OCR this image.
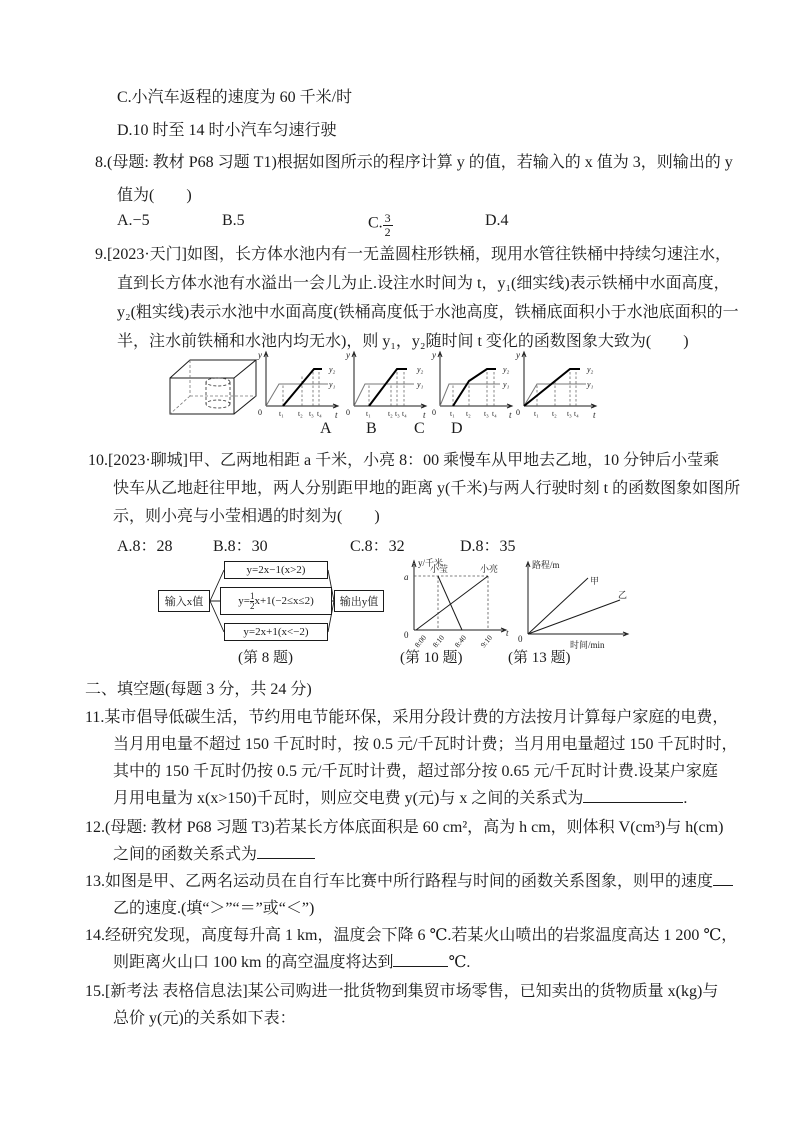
C.小汽车返程的速度为 60 千米/时
D.10 时至 14 时小汽车匀速行驶
8.(母题: 教材 P68 习题 T1)根据如图所示的程序计算 y 的值，若输入的 x 值为 3，则输出的 y
值为(　　)
A.−5	B.5	C. $\frac{3}{2}$	D.4
9.[2023·天门]如图，长方体水池内有一无盖圆柱形铁桶，现用水管往铁桶中持续匀速注水，
直到长方体水池有水溢出一会儿为止.设注水时间为 t，y₁(细实线)表示铁桶中水面高度，
y₂(粗实线)表示水池中水面高度(铁桶高度低于水池高度，铁桶底面积小于水池底面积的一
半，注水前铁桶和水池内均无水)，则 y₁，y₂随时间 t 变化的函数图象大致为(　　)
y
0	t
t₁ t₂ t₃ t₄
y₂
y₁
y
0	t
t₁ t₂ t₃ t₄
y₂
y₁
y
0	t
t₁ t₂ t₃ t₄
y₂
y₁
y
0	t
t₁ t₂ t₃ t₄
y₂
y₁
A B C D
10.[2023·聊城]甲、乙两地相距 a 千米，小亮 8：00 乘慢车从甲地去乙地，10 分钟后小莹乘
快车从乙地赶往甲地，两人分别距甲地的距离 y(千米)与两人行驶时刻 t 的函数图象如图所
示，则小亮与小莹相遇的时刻为(　　)
A.8：28	B.8：30	C.8：32	D.8：35
输入x值
y=2x−1(x>2)
$y= \frac{1}{2} x+1(-2\le x\le 2)$
y=2x+1(x<−2)
输出y值
y/千米
a
小莹	小亮
0	t
8:00 8:10 8:40 9:10
路程/m
甲
乙
0
时间/min
(第 8 题)	(第 10 题)	(第 13 题)
二、填空题(每题 3 分，共 24 分)
11.某市倡导低碳生活，节约用电节能环保，采用分段计费的方法按月计算每户家庭的电费，
当月用电量不超过 150 千瓦时时，按 0.5 元/千瓦时计费；当月用电量超过 150 千瓦时时，
其中的 150 千瓦时仍按 0.5 元/千瓦时计费，超过部分按 0.65 元/千瓦时计费.设某户家庭
月用电量为 x(x>150)千瓦时，则应交电费 y(元)与 x 之间的关系式为	.
12.(母题: 教材 P68 习题 T3)若某长方体底面积是 60 cm²，高为 h cm，则体积 V(cm³)与 h(cm)
之间的函数关系式为
13.如图是甲、乙两名运动员在自行车比赛中所行路程与时间的函数关系图象，则甲的速度
乙的速度.(填“＞”“＝”或“＜”)
14.经研究发现，高度每升高 1 km，温度会下降 6 ℃.若某火山喷出的岩浆温度高达 1 200 ℃，
则距离火山口 100 km 的高空温度将达到	℃.
15.[新考法 表格信息法]某公司购进一批货物到集贸市场零售，已知卖出的货物质量 x(kg)与
总价 y(元)的关系如下表：
